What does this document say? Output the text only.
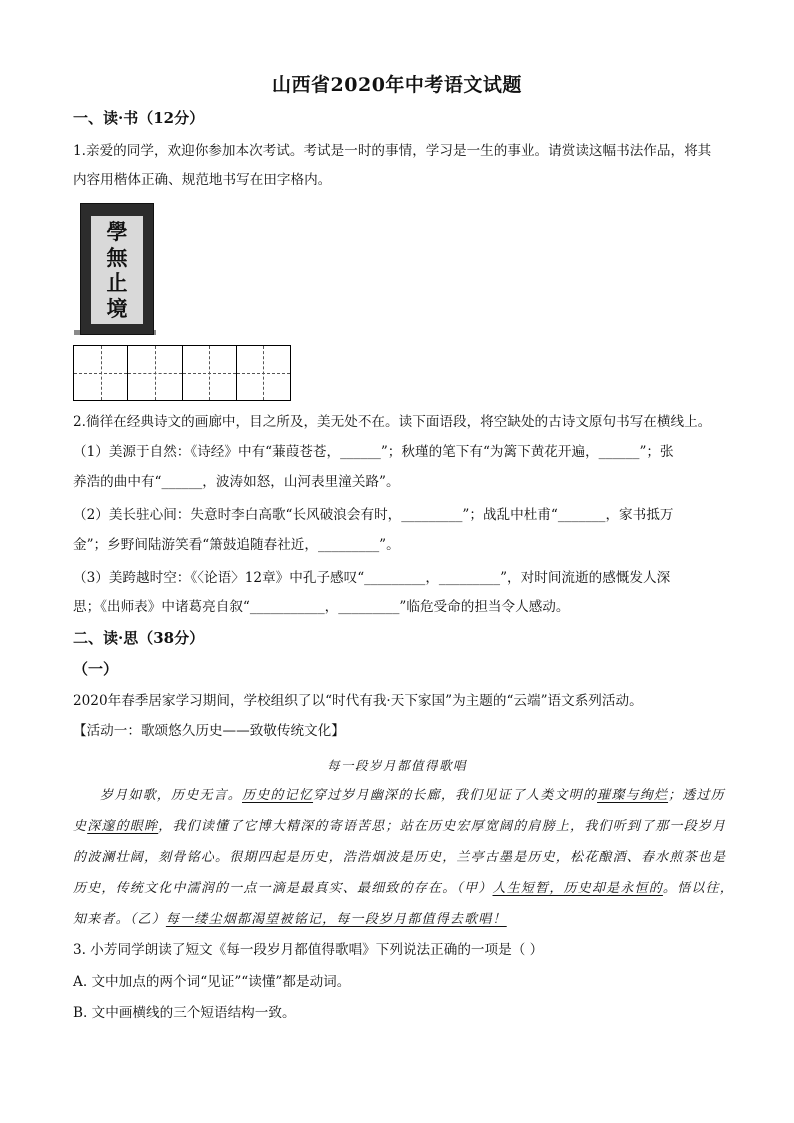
山西省2020年中考语文试题
一、读·书（12分）
1.亲爱的同学，欢迎你参加本次考试。考试是一时的事情，学习是一生的事业。请赏读这幅书法作品，将其
内容用楷体正确、规范地书写在田字格内。
學
無
止
境
2.徜徉在经典诗文的画廊中，目之所及，美无处不在。读下面语段，将空缺处的古诗文原句书写在横线上。
（1）美源于自然：《诗经》中有“蒹葭苍苍，______”；秋瑾的笔下有“为篱下黄花开遍，______”；张
养浩的曲中有“______，波涛如怒，山河表里潼关路”。
（2）美长驻心间：失意时李白高歌“长风破浪会有时，_________”；战乱中杜甫“_______，家书抵万
金”；乡野间陆游笑看“箫鼓追随春社近，_________”。
（3）美跨越时空：《〈论语〉12章》中孔子感叹“_________，_________”，对时间流逝的感慨发人深
思；《出师表》中诸葛亮自叙“___________，_________”临危受命的担当令人感动。
二、读·思（38分）
（一）
2020年春季居家学习期间，学校组织了以“时代有我·天下家国”为主题的“云端”语文系列活动。
【活动一：歌颂悠久历史——致敬传统文化】
每一段岁月都值得歌唱
岁月如歌，历史无言。历史的记忆穿过岁月幽深的长廊，我们见证了人类文明的璀璨与绚烂；透过历
史深邃的眼眸，我们读懂了它博大精深的寄语苦思；站在历史宏厚宽阔的肩膀上，我们听到了那一段岁月
的波澜壮阔，刻骨铭心。很期四起是历史，浩浩烟波是历史，兰亭古墨是历史，松花酿酒、春水煎茶也是
历史，传统文化中濡润的一点一滴是最真实、最细致的存在。（甲）人生短暂，历史却是永恒的。悟以往，
知来者。（乙）每一缕尘烟都渴望被铭记，每一段岁月都值得去歌唱！
3. 小芳同学朗读了短文《每一段岁月都值得歌唱》下列说法正确的一项是（ ）
A. 文中加点的两个词“见证”“读懂”都是动词。
B. 文中画横线的三个短语结构一致。
